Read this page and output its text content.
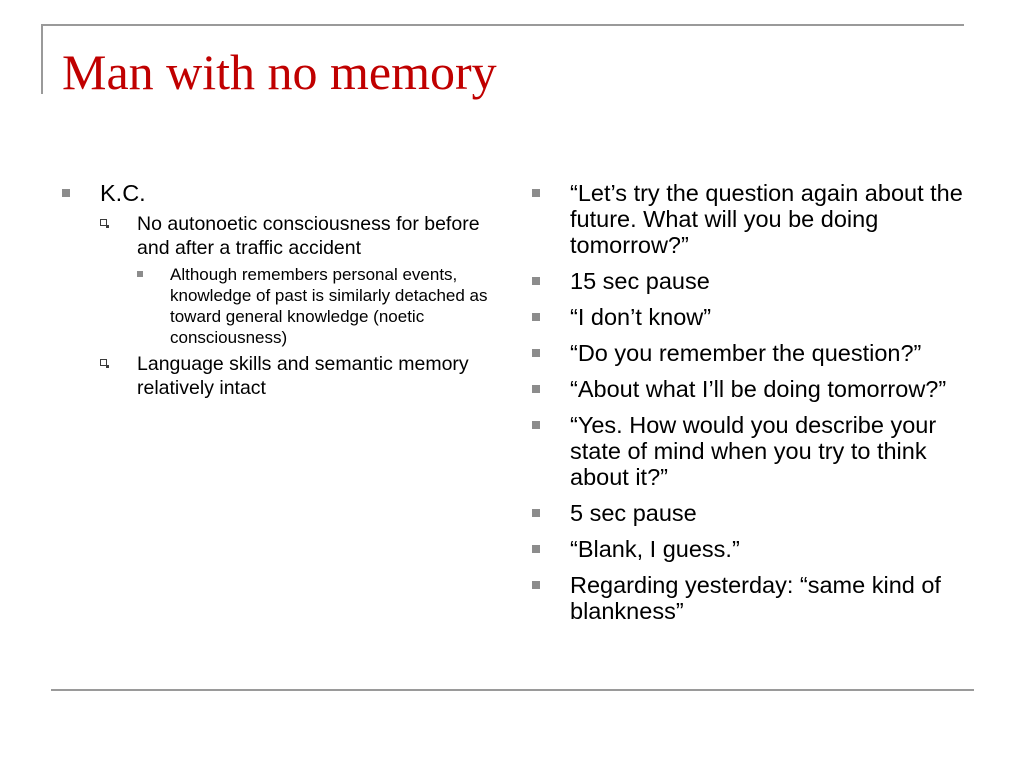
Man with no memory
K.C.
No autonoetic consciousness for before and after a traffic accident
Although remembers personal events, knowledge of past is similarly detached as toward general knowledge (noetic consciousness)
Language skills and semantic memory relatively intact
“Let’s try the question again about the future. What will you be doing tomorrow?”
15 sec pause
“I don’t know”
“Do you remember the question?”
“About what I’ll be doing tomorrow?”
“Yes. How would you describe your state of mind when you try to think about it?”
5 sec pause
“Blank, I guess.”
Regarding yesterday: “same kind of blankness”
